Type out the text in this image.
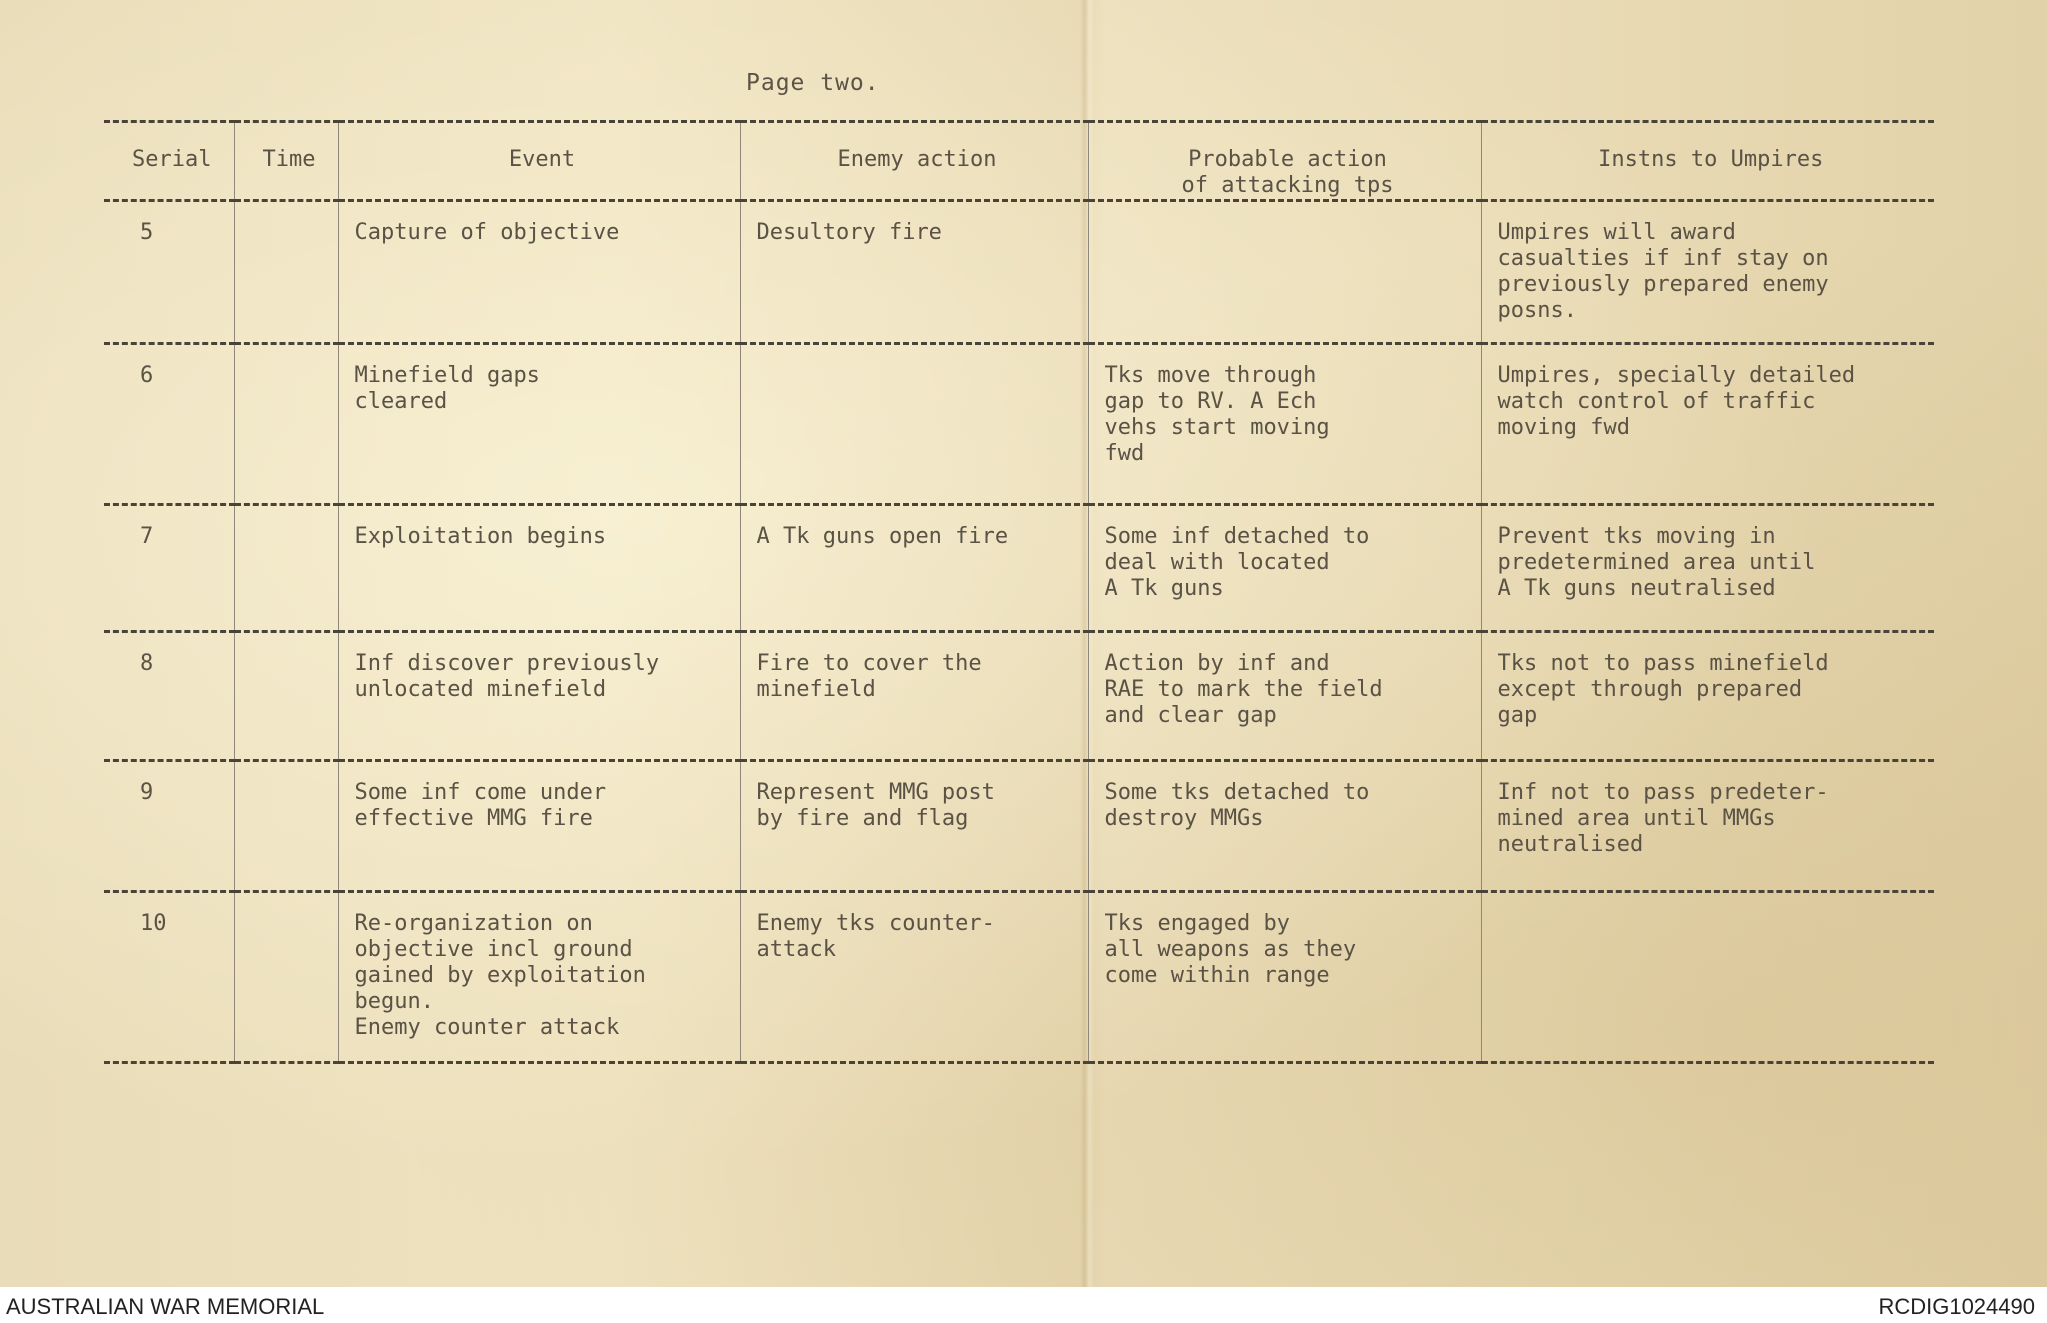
Page two.
Serial	Time	Event	Enemy action	Probable action
of attacking tps	Instns to Umpires
5		Capture of objective	Desultory fire		Umpires will award
casualties if inf stay on
previously prepared enemy
posns.
6		Minefield gaps
cleared		Tks move through
gap to RV. A Ech
vehs start moving
fwd	Umpires, specially detailed
watch control of traffic
moving fwd
7		Exploitation begins	A Tk guns open fire	Some inf detached to
deal with located
A Tk guns	Prevent tks moving in
predetermined area until
A Tk guns neutralised
8		Inf discover previously
unlocated minefield	Fire to cover the
minefield	Action by inf and
RAE to mark the field
and clear gap	Tks not to pass minefield
except through prepared
gap
9		Some inf come under
effective MMG fire	Represent MMG post
by fire and flag	Some tks detached to
destroy MMGs	Inf not to pass predeter-
mined area until MMGs
neutralised
10		Re-organization on
objective incl ground
gained by exploitation
begun.
Enemy counter attack	Enemy tks counter-
attack	Tks engaged by
all weapons as they
come within range	
AUSTRALIAN WAR MEMORIAL	RCDIG1024490
